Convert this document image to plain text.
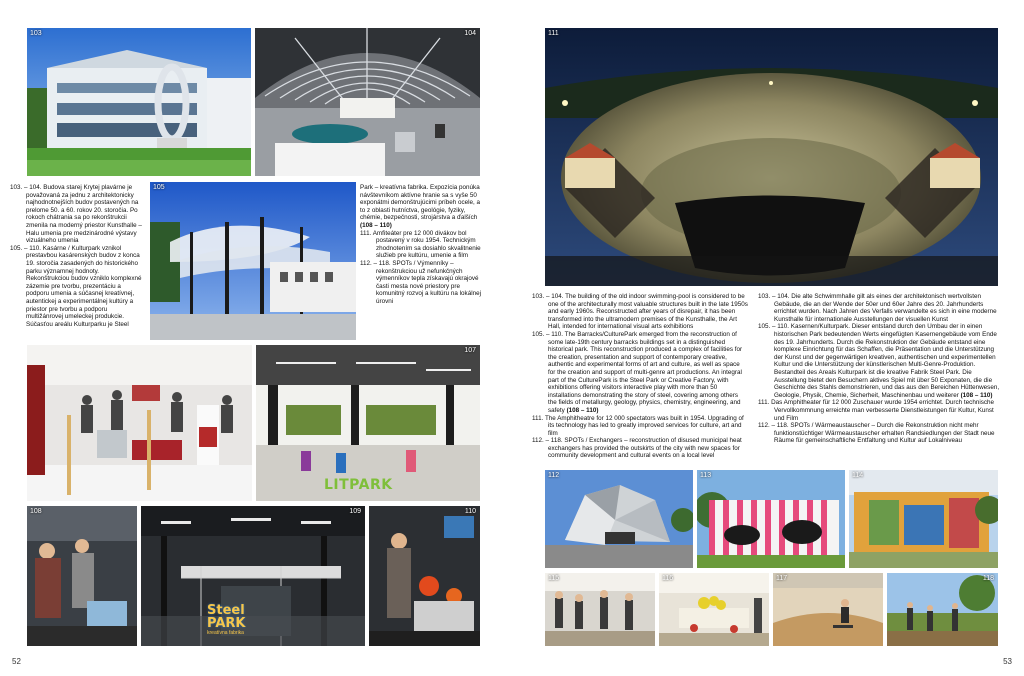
103	104

103. – 104. Budova starej Krytej plavárne je považovaná za jednu z architektonicky najhodnotnejších budov postavených na prelome 50. a 60. rokov 20. storočia. Po rokoch chátrania sa po rekonštrukcii zmenila na moderný priestor Kunsthalle – Halu umenia pre medzinárodné výstavy vizuálneho umenia

105. – 110. Kasárne / Kulturpark vznikol prestavbou kasárenských budov z konca 19. storočia zasadených do historického parku významnej hodnoty. Rekonštrukciou budov vzniklo komplexné zázemie pre tvorbu, prezentáciu a podporu umenia a súčasnej kreatívnej, autentickej a experimentálnej kultúry a priestor pre tvorbu a podporu multižánrovej umeleckej produkcie. Súčasťou areálu Kulturparku je Steel

105	Park – kreatívna fabrika. Expozícia ponúka návštevníkom aktívne hranie sa s vyše 50 exponátmi demonštrujúcimi príbeh ocele, a to z oblasti hutníctva, geológie, fyziky, chémie, bezpečnosti, strojárstva a ďalších (108 – 110)

111. Amfiteáter pre 12 000 divákov bol postavený v roku 1954. Technickým zhodnotením sa dosiahlo skvalitnenie služieb pre kultúru, umenie a film

112. – 118. SPOTs / Výmenníky – rekonštrukciou už nefunkčných výmenníkov tepla získavajú okrajové časti mesta nové priestory pre komunitný rozvoj a kultúru na lokálnej úrovni

107
LITPARK
108	109
Steel PARK
kreatívna fabrika
110
52
111

103. – 104. The building of the old indoor swimming-pool is considered to be one of the architecturally most valuable structures built in the late 1950s and early 1960s. Reconstructed after years of disrepair, it has been transformed into the ultramodern premises of the Kunsthalle, the Art Hall, intended for international visual arts exhibitions

105. – 110. The Barracks/CulturePark emerged from the reconstruction of some late-19th century barracks buildings set in a distinguished historical park. This reconstruction produced a complex of facilities for the creation, presentation and support of contemporary creative, authentic and experimental forms of art and culture, as well as space for the creation and support of multi-genre art productions. An integral part of the CulturePark is the Steel Park or Creative Factory, with exhibitions offering visitors interactive play with more than 50 installations demonstrating the story of steel, covering among others the fields of metallurgy, geology, physics, chemistry, engineering, and safety (108 – 110)

111. The Amphitheatre for 12 000 spectators was built in 1954. Upgrading of its technology has led to greatly improved services for culture, art and film

112. – 118. SPOTs / Exchangers – reconstruction of disused municipal heat exchangers has provided the outskirts of the city with new spaces for community development and cultural events on a local level

103. – 104. Die alte Schwimmhalle gilt als eines der architektonisch wertvollsten Gebäude, die an der Wende der 50er und 60er Jahre des 20. Jahrhunderts errichtet wurden. Nach Jahren des Verfalls verwandelte es sich in eine moderne Kunsthalle für internationale Ausstellungen der visuellen Kunst

105. – 110. Kasernen/Kulturpark. Dieser entstand durch den Umbau der in einen historischen Park bedeutenden Werts eingefügten Kasernengebäude vom Ende des 19. Jahrhunderts. Durch die Rekonstruktion der Gebäude entstand eine komplexe Einrichtung für das Schaffen, die Präsentation und die Unterstützung der Kunst und der gegenwärtigen kreativen, authentischen und experimentellen Kultur und die Unterstützung der künstlerischen Multi-Genre-Produktion. Bestandteil des Areals Kulturpark ist die kreative Fabrik Steel Park. Die Ausstellung bietet den Besuchern aktives Spiel mit über 50 Exponaten, die die Geschichte des Stahls demonstrieren, und das aus den Bereichen Hüttenwesen, Geologie, Physik, Chemie, Sicherheit, Maschinenbau und weiterer (108 – 110)

111. Das Amphitheater für 12 000 Zuschauer wurde 1954 errichtet. Durch technische Vervollkommnung erreichte man verbesserte Dienstleistungen für Kultur, Kunst und Film

112. – 118. SPOTs / Wärmeaustauscher – Durch die Rekonstruktion nicht mehr funktionstüchtiger Wärmeaustauscher erhalten Randsiedlungen der Stadt neue Räume für gemeinschaftliche Entfaltung und Kultur auf Lokalniveau

112	113	114
115	116	117	118
53
